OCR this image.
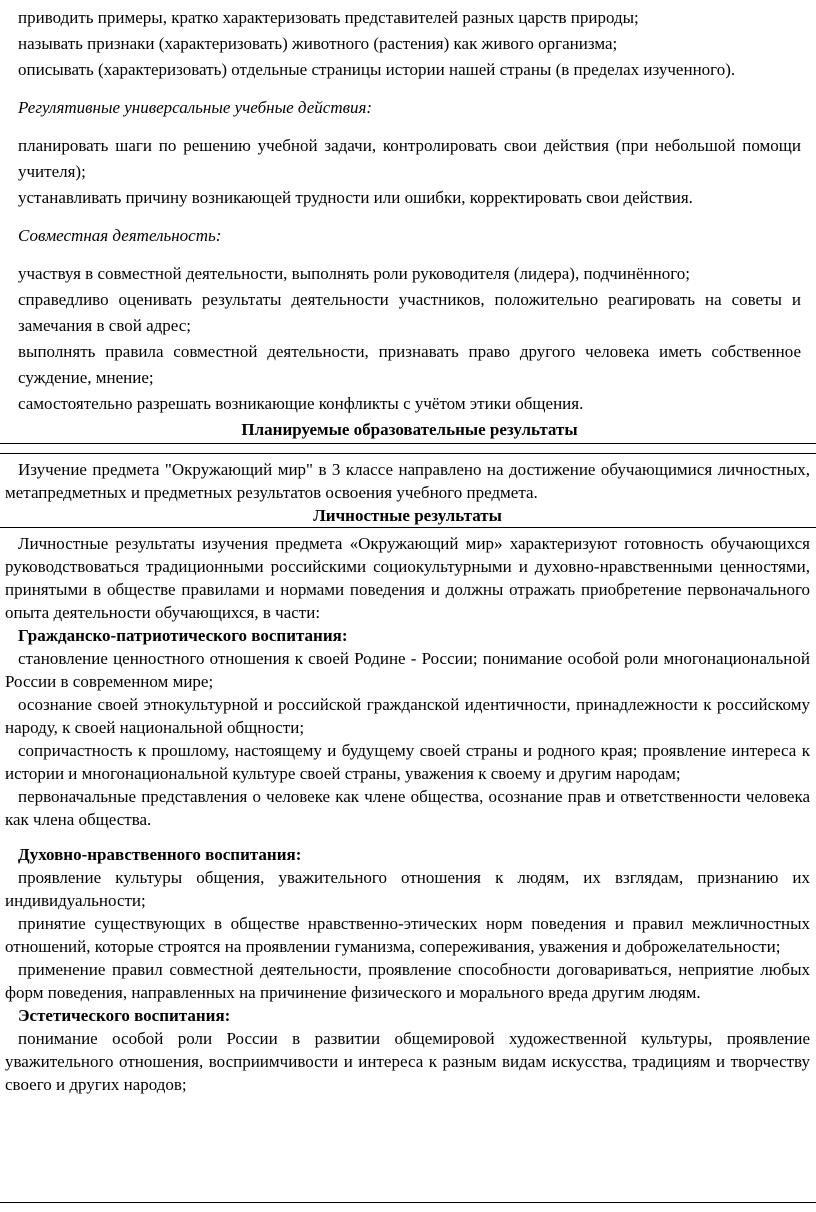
приводить примеры, кратко характеризовать представителей разных царств природы;

называть признаки (характеризовать) животного (растения) как живого организма;

описывать (характеризовать) отдельные страницы истории нашей страны (в пределах изученного).

Регулятивные универсальные учебные действия:

планировать шаги по решению учебной задачи, контролировать свои действия (при небольшой помощи учителя);

устанавливать причину возникающей трудности или ошибки, корректировать свои действия.

Совместная деятельность:

участвуя в совместной деятельности, выполнять роли руководителя (лидера), подчинённого;

справедливо оценивать результаты деятельности участников, положительно реагировать на советы и замечания в свой адрес;

выполнять правила совместной деятельности, признавать право другого человека иметь собственное суждение, мнение;

самостоятельно разрешать возникающие конфликты с учётом этики общения.

Планируемые образовательные результаты

Изучение предмета "Окружающий мир" в 3 классе направлено на достижение обучающимися личностных, метапредметных и предметных результатов освоения учебного предмета.

Личностные результаты

Личностные результаты изучения предмета «Окружающий мир» характеризуют готовность обучающихся руководствоваться традиционными российскими социокультурными и духовно-нравственными ценностями, принятыми в обществе правилами и нормами поведения и должны отражать приобретение первоначального опыта деятельности обучающихся, в части:

Гражданско-патриотического воспитания:

становление ценностного отношения к своей Родине - России; понимание особой роли многонациональной России в современном мире;

осознание своей этнокультурной и российской гражданской идентичности, принадлежности к российскому народу, к своей национальной общности;

сопричастность к прошлому, настоящему и будущему своей страны и родного края; проявление интереса к истории и многонациональной культуре своей страны, уважения к своему и другим народам;

первоначальные представления о человеке как члене общества, осознание прав и ответственности человека как члена общества.

Духовно-нравственного воспитания:

проявление культуры общения, уважительного отношения к людям, их взглядам, признанию их индивидуальности;

принятие существующих в обществе нравственно-этических норм поведения и правил межличностных отношений, которые строятся на проявлении гуманизма, сопереживания, уважения и доброжелательности;

применение правил совместной деятельности, проявление способности договариваться, неприятие любых форм поведения, направленных на причинение физического и морального вреда другим людям.

Эстетического воспитания:

понимание особой роли России в развитии общемировой художественной культуры, проявление уважительного отношения, восприимчивости и интереса к разным видам искусства, традициям и творчеству своего и других народов;
